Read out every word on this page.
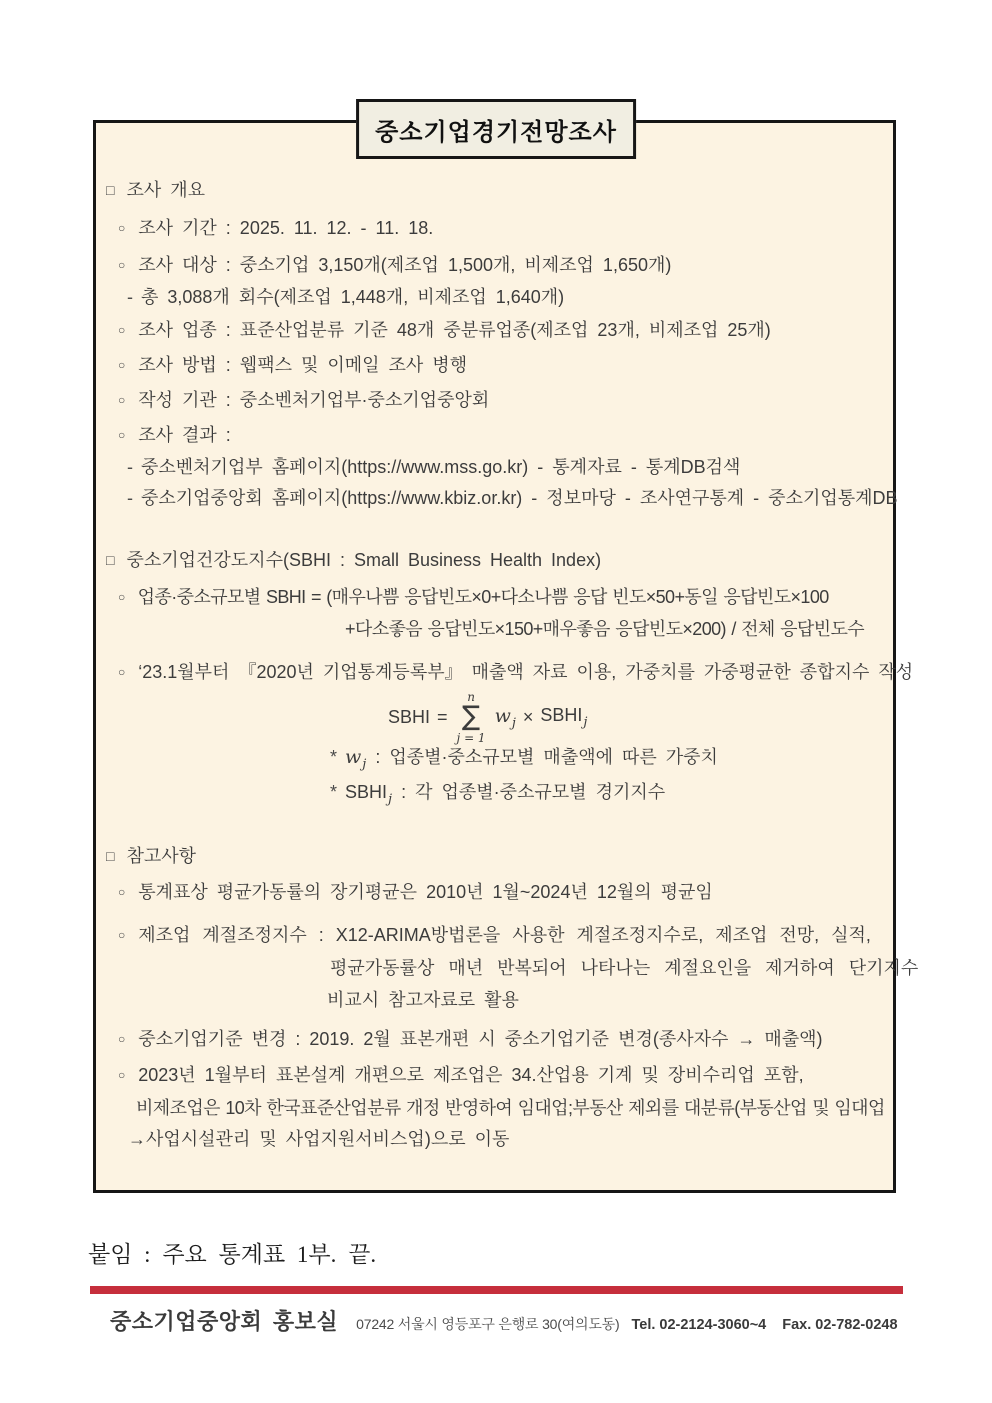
중소기업경기전망조사
□ 조사 개요
○ 조사 기간 : 2025. 11. 12. - 11. 18.
○ 조사 대상 : 중소기업 3,150개(제조업 1,500개, 비제조업 1,650개)
- 총 3,088개 회수(제조업 1,448개, 비제조업 1,640개)
○ 조사 업종 : 표준산업분류 기준 48개 중분류업종(제조업 23개, 비제조업 25개)
○ 조사 방법 : 웹팩스 및 이메일 조사 병행
○ 작성 기관 : 중소벤처기업부·중소기업중앙회
○ 조사 결과 :
- 중소벤처기업부 홈페이지(https://www.mss.go.kr) - 통계자료 - 통계DB검색
- 중소기업중앙회 홈페이지(https://www.kbiz.or.kr) - 정보마당 - 조사연구통계 - 중소기업통계DB
□ 중소기업건강도지수(SBHI : Small Business Health Index)
○ 업종·중소규모별 SBHI = (매우나쁨 응답빈도×0+다소나쁨 응답 빈도×50+동일 응답빈도×100
+다소좋음 응답빈도×150+매우좋음 응답빈도×200) / 전체 응답빈도수
○ ‘23.1월부터 『2020년 기업통계등록부』 매출액 자료 이용, 가중치를 가중평균한 종합지수 작성
SBHI =
n
∑
j = 1
$w_j$ × $SBHI_j$
* $w_j$ : 업종별·중소규모별 매출액에 따른 가중치
* $SBHI_j$ : 각 업종별·중소규모별 경기지수
□ 참고사항
○ 통계표상 평균가동률의 장기평균은 2010년 1월~2024년 12월의 평균임
○ 제조업 계절조정지수 : X12-ARIMA방법론을 사용한 계절조정지수로, 제조업 전망, 실적,
평균가동률상 매년 반복되어 나타나는 계절요인을 제거하여 단기지수
비교시 참고자료로 활용
○ 중소기업기준 변경 : 2019. 2월 표본개편 시 중소기업기준 변경(종사자수 → 매출액)
○ 2023년 1월부터 표본설계 개편으로 제조업은 34.산업용 기계 및 장비수리업 포함,
비제조업은 10차 한국표준산업분류 개정 반영하여 임대업;부동산 제외를 대분류(부동산업 및 임대업
→사업시설관리 및 사업지원서비스업)으로 이동
붙임 : 주요 통계표 1부. 끝.
중소기업중앙회 홍보실 07242 서울시 영등포구 은행로 30(여의도동) Tel. 02-2124-3060~4 Fax. 02-782-0248
